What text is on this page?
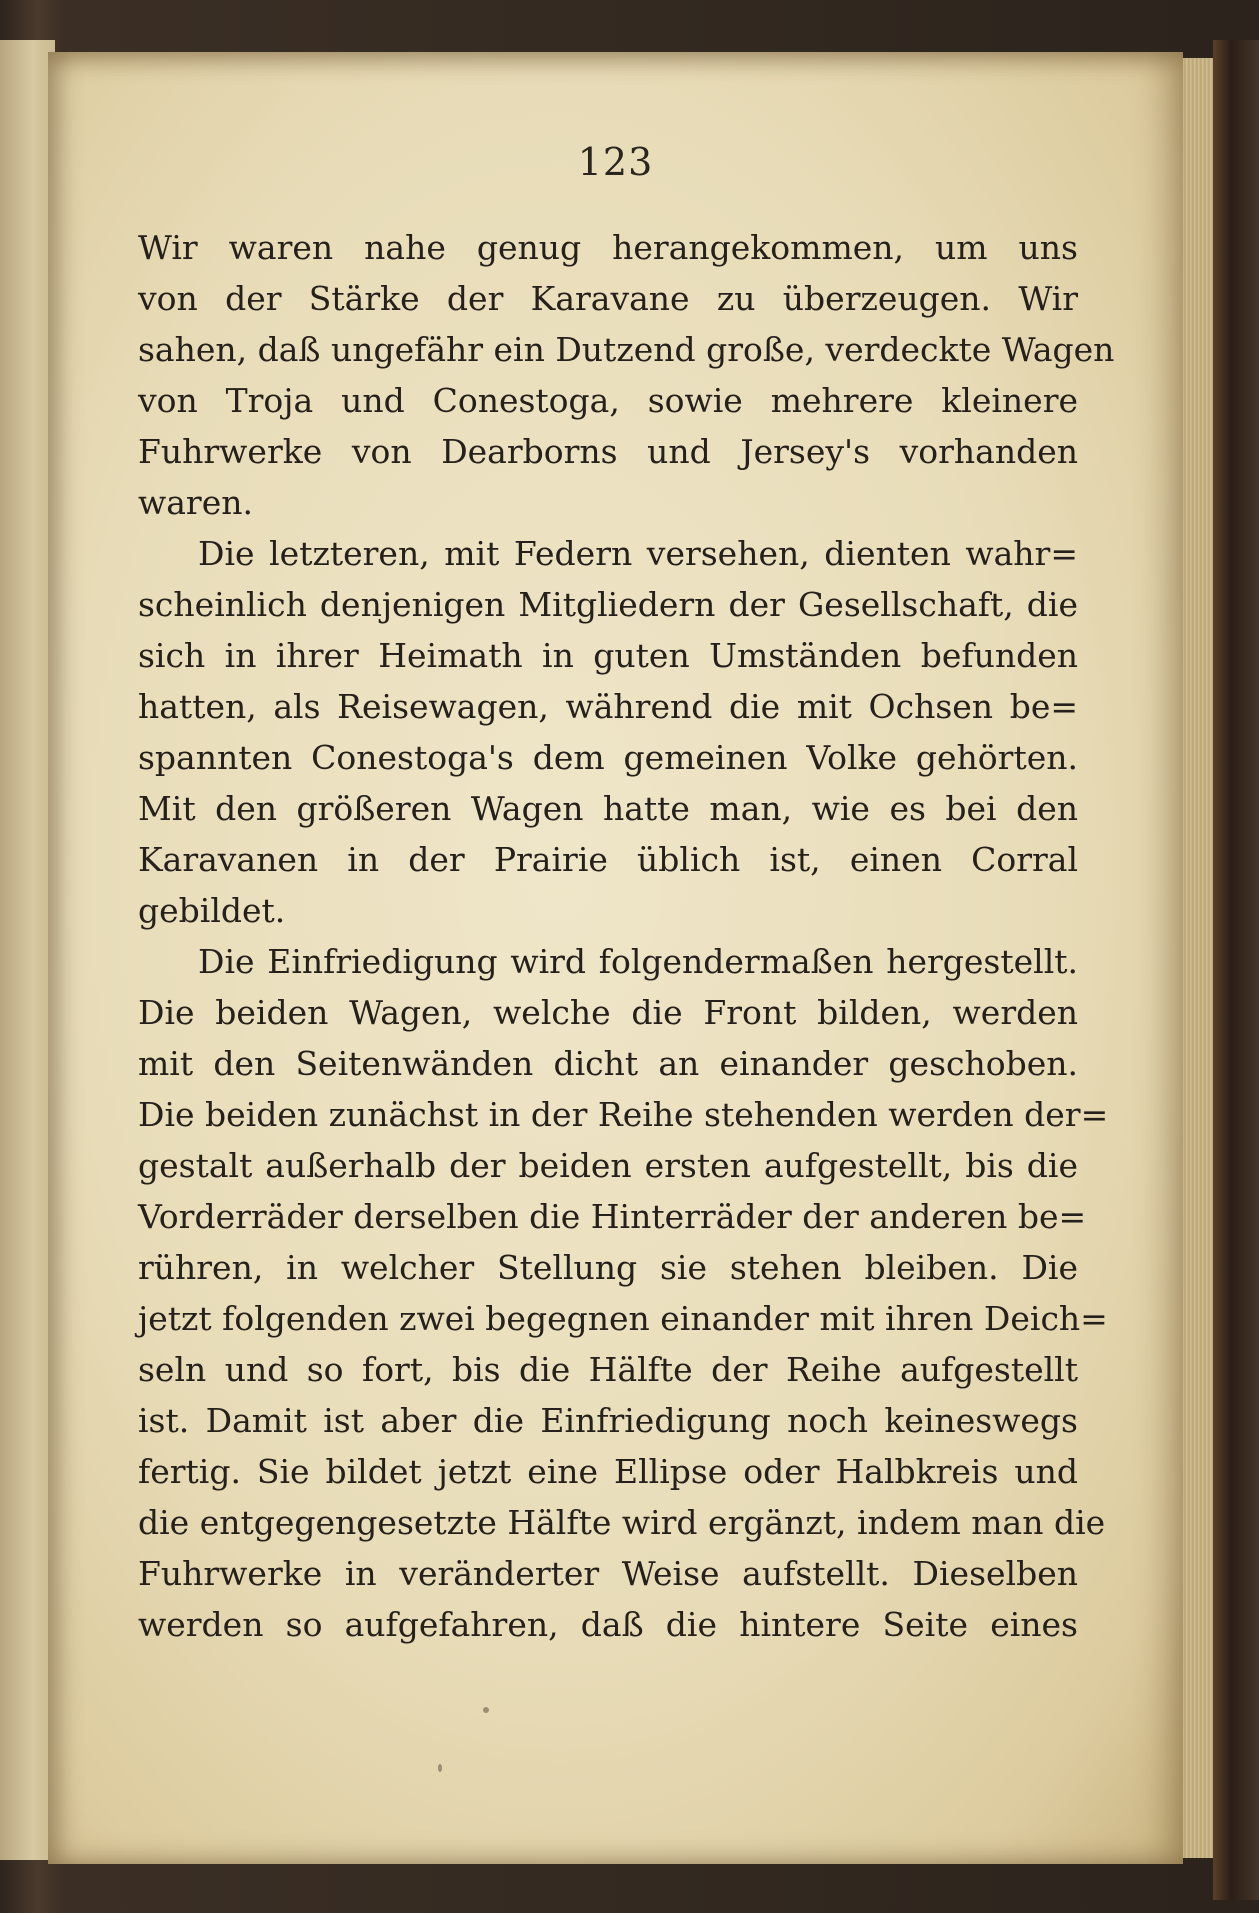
123

Wir waren nahe genug herangekommen, um uns
von der Stärke der Karavane zu überzeugen. Wir
sahen, daß ungefähr ein Dutzend große, verdeckte Wagen
von Troja und Conestoga, sowie mehrere kleinere
Fuhrwerke von Dearborns und Jersey's vorhanden
waren.

Die letzteren, mit Federn versehen, dienten wahr=
scheinlich denjenigen Mitgliedern der Gesellschaft, die
sich in ihrer Heimath in guten Umständen befunden
hatten, als Reisewagen, während die mit Ochsen be=
spannten Conestoga's dem gemeinen Volke gehörten.
Mit den größeren Wagen hatte man, wie es bei den
Karavanen in der Prairie üblich ist, einen Corral
gebildet.

Die Einfriedigung wird folgendermaßen hergestellt.
Die beiden Wagen, welche die Front bilden, werden
mit den Seitenwänden dicht an einander geschoben.
Die beiden zunächst in der Reihe stehenden werden der=
gestalt außerhalb der beiden ersten aufgestellt, bis die
Vorderräder derselben die Hinterräder der anderen be=
rühren, in welcher Stellung sie stehen bleiben. Die
jetzt folgenden zwei begegnen einander mit ihren Deich=
seln und so fort, bis die Hälfte der Reihe aufgestellt
ist. Damit ist aber die Einfriedigung noch keineswegs
fertig. Sie bildet jetzt eine Ellipse oder Halbkreis und
die entgegengesetzte Hälfte wird ergänzt, indem man die
Fuhrwerke in veränderter Weise aufstellt. Dieselben
werden so aufgefahren, daß die hintere Seite eines
